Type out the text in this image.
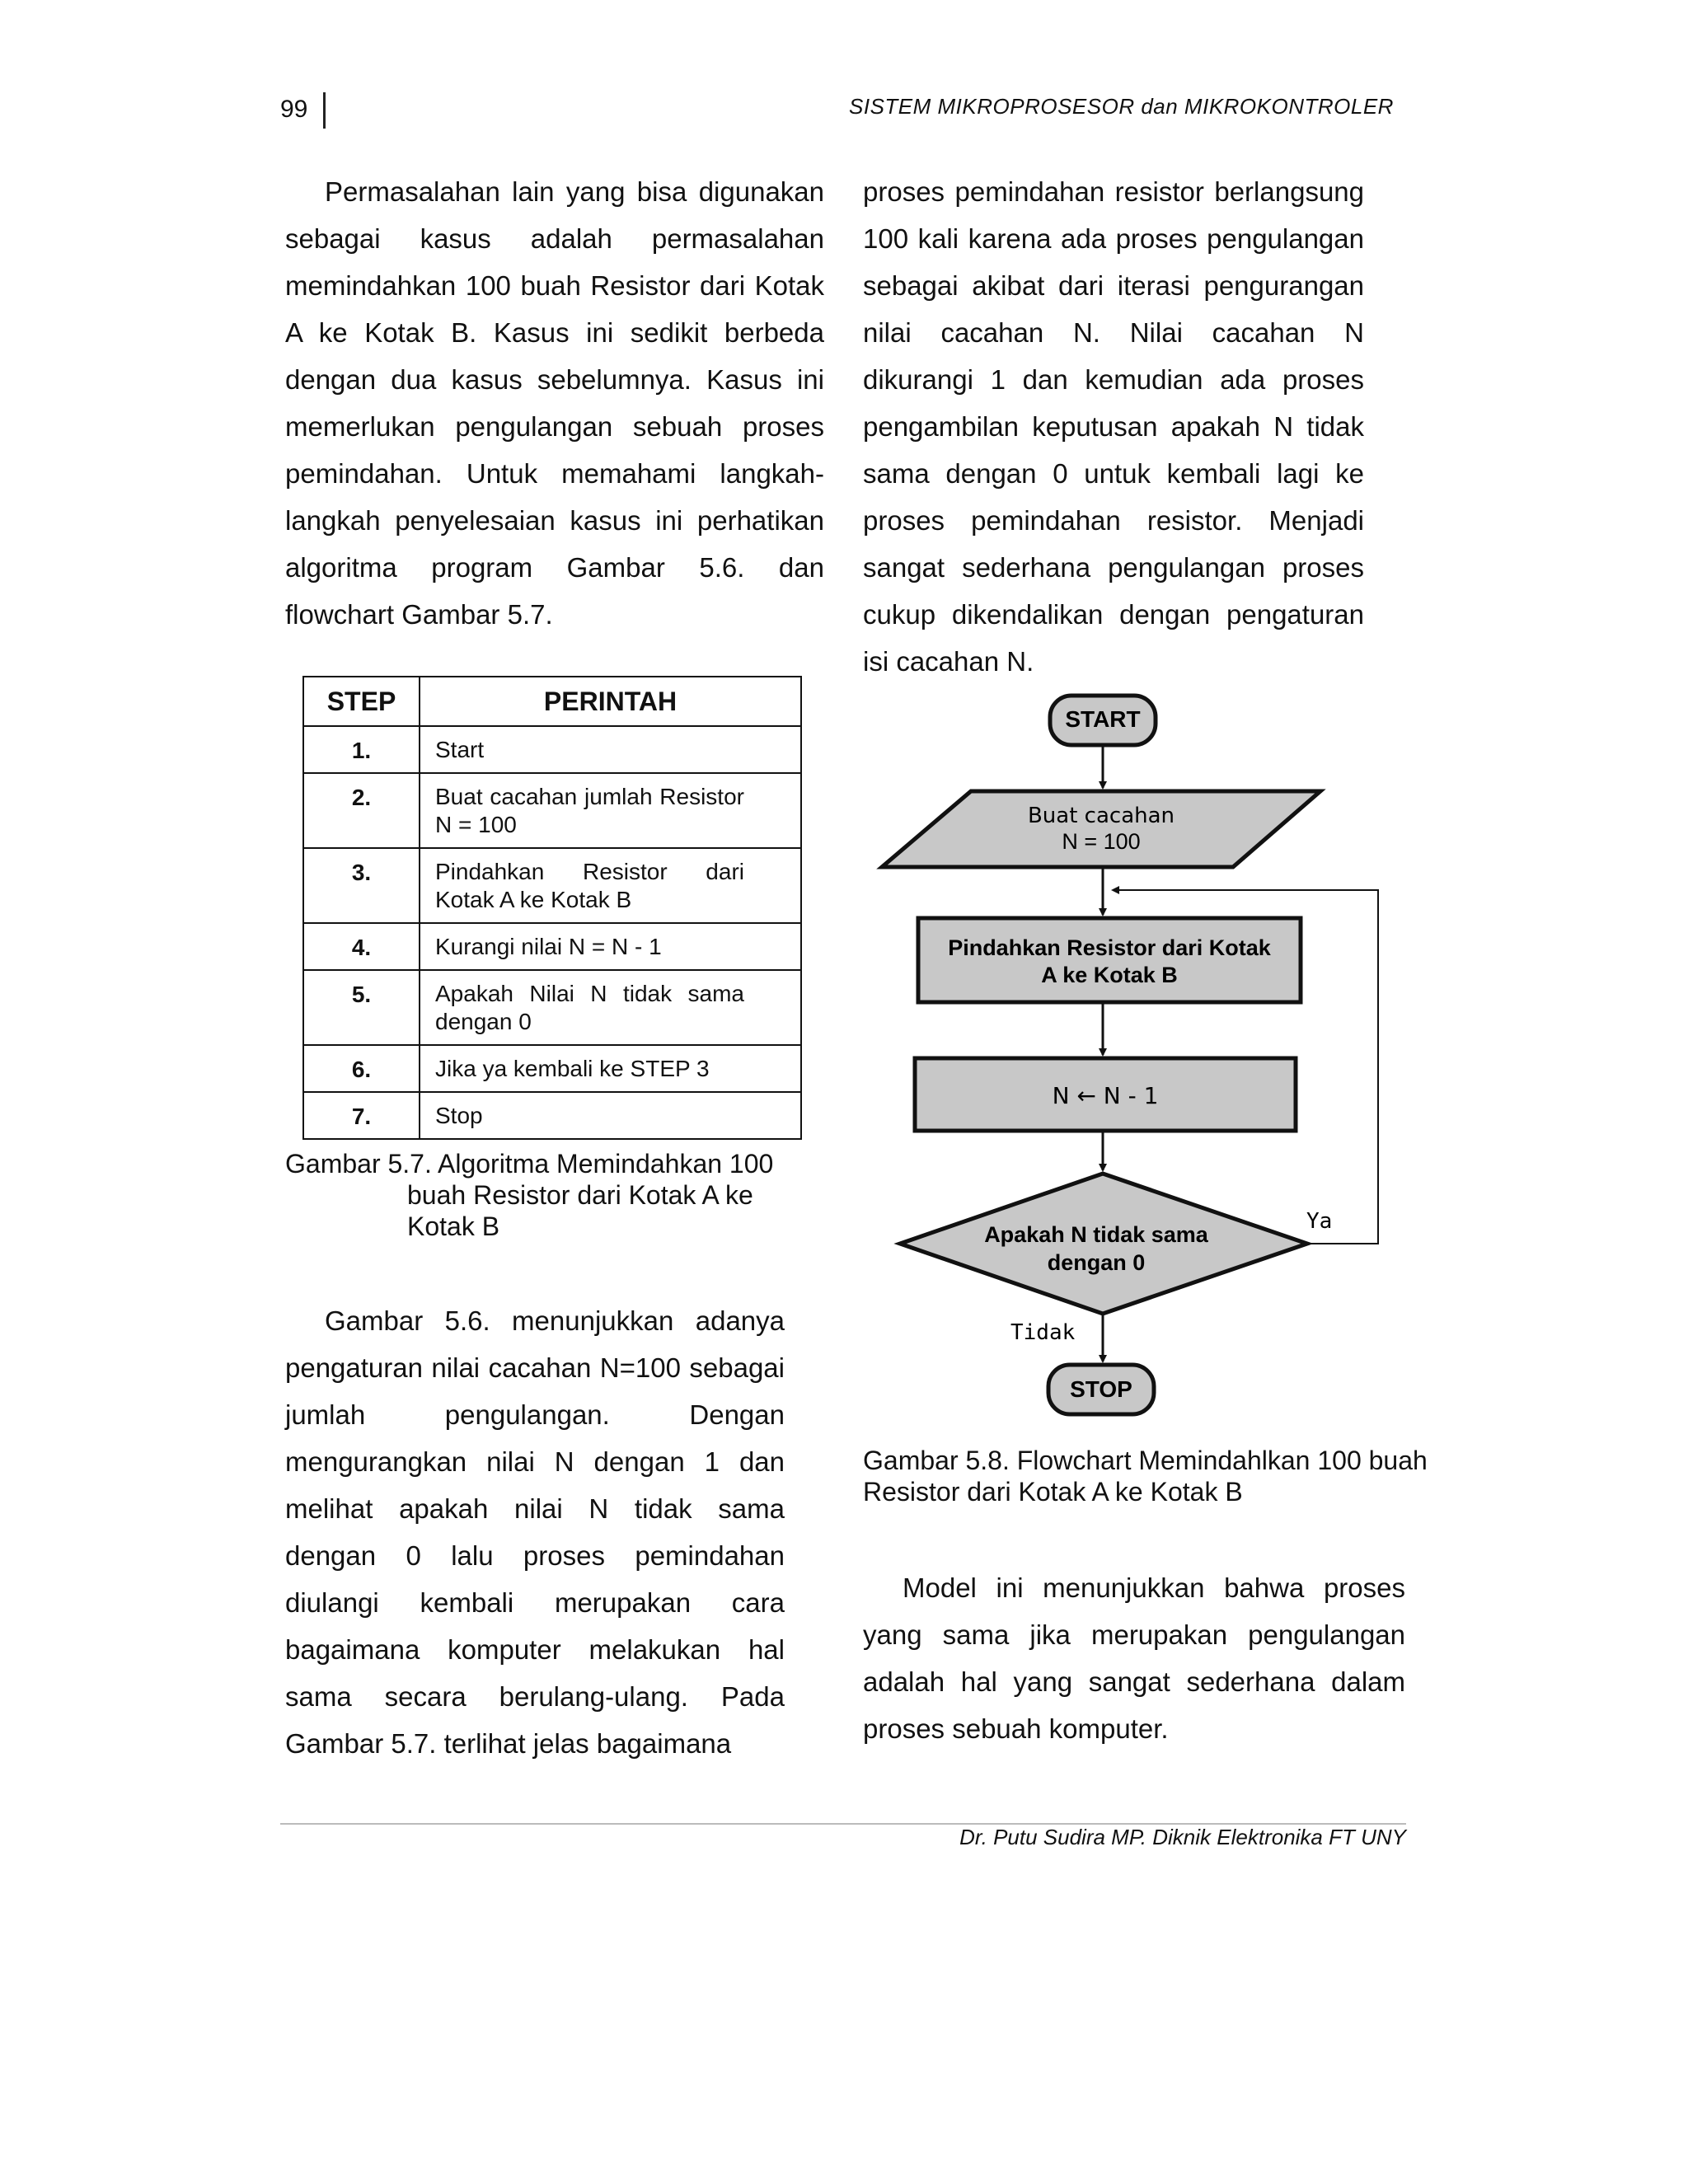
99	SISTEM MIKROPROSESOR dan MIKROKONTROLER

Permasalahan lain yang bisa digunakan sebagai kasus adalah permasalahan memindahkan 100 buah Resistor dari Kotak A ke Kotak B. Kasus ini sedikit berbeda dengan dua kasus sebelumnya. Kasus ini memerlukan pengulangan sebuah proses pemindahan. Untuk memahami langkah-langkah penyelesaian kasus ini perhatikan algoritma program Gambar 5.6. dan flowchart Gambar 5.7.

STEP	PERINTAH
1.	Start
2.	Buat cacahan jumlah Resistor N = 100
3.	Pindahkan Resistor dari Kotak A ke Kotak B
4.	Kurangi nilai N = N - 1
5.	Apakah Nilai N tidak sama dengan 0
6.	Jika ya kembali ke STEP 3
7.	Stop
Gambar 5.7. Algoritma Memindahkan 100
buah Resistor dari Kotak A ke Kotak B

Gambar 5.6. menunjukkan adanya pengaturan nilai cacahan N=100 sebagai jumlah pengulangan. Dengan mengurangkan nilai N dengan 1 dan melihat apakah nilai N tidak sama dengan 0 lalu proses pemindahan diulangi kembali merupakan cara bagaimana komputer melakukan hal sama secara berulang-ulang. Pada Gambar 5.7. terlihat jelas bagaimana

proses pemindahan resistor berlangsung 100 kali karena ada proses pengulangan sebagai akibat dari iterasi pengurangan nilai cacahan N. Nilai cacahan N dikurangi 1 dan kemudian ada proses pengambilan keputusan apakah N tidak sama dengan 0 untuk kembali lagi ke proses pemindahan resistor. Menjadi sangat sederhana pengulangan proses cukup dikendalikan dengan pengaturan isi cacahan N.

START
Buat cacahan
N = 100
Pindahkan Resistor dari Kotak
A ke Kotak B
N ← N - 1
Apakah N tidak sama
dengan 0
Ya
Tidak
STOP

Gambar 5.8. Flowchart Memindahlkan 100 buah Resistor dari Kotak A ke Kotak B

Model ini menunjukkan bahwa proses yang sama jika merupakan pengulangan adalah hal yang sangat sederhana dalam proses sebuah komputer.

Dr. Putu Sudira MP. Diknik Elektronika FT UNY
